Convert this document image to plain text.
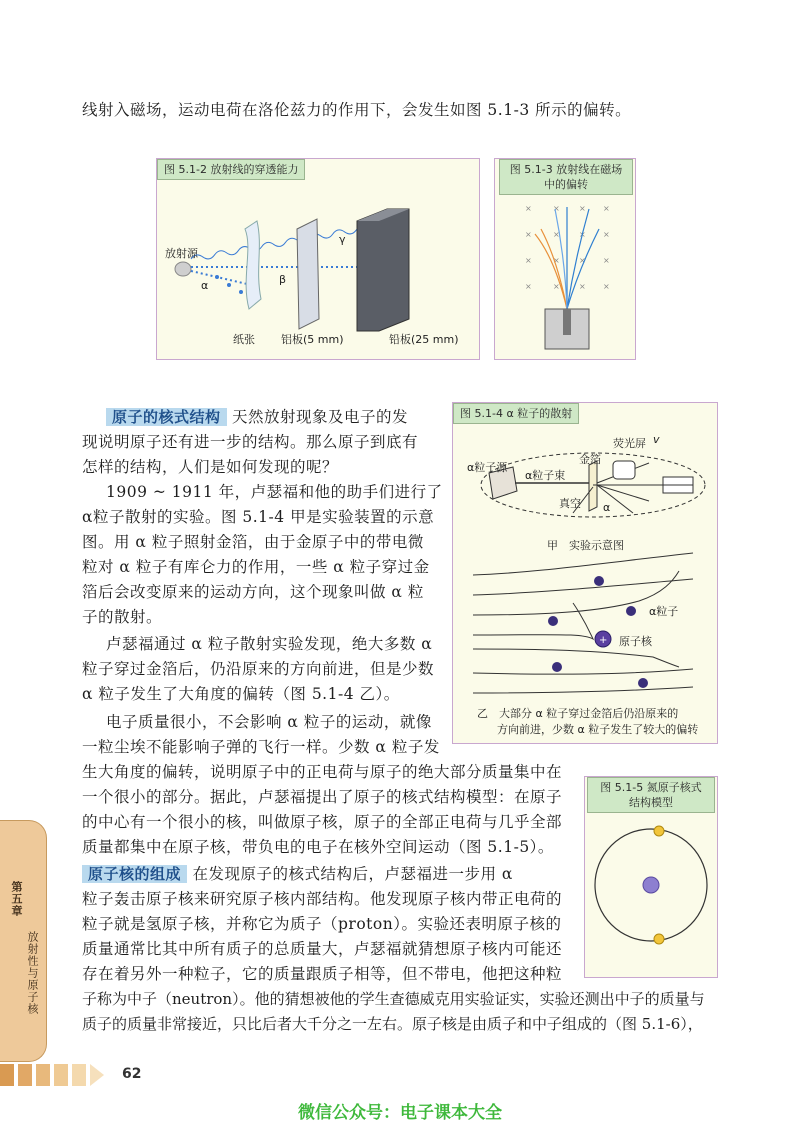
线射入磁场，运动电荷在洛伦兹力的作用下，会发生如图 5.1-3 所示的偏转。
图 5.1-2 放射线的穿透能力
放射源
α	β
γ
纸张 铝板(5 mm)	铅板(25 mm)
图 5.1-3 放射线在磁场
中的偏转
×	× × ×
×	× × ×
×	× × ×
×	× × ×
原子的核式结构 天然放射现象及电子的发
现说明原子还有进一步的结构。那么原子到底有
怎样的结构，人们是如何发现的呢？
1909 ~ 1911 年，卢瑟福和他的助手们进行了
α粒子散射的实验。图 5.1-4 甲是实验装置的示意
图。用 α 粒子照射金箔，由于金原子中的带电微
粒对 α 粒子有库仑力的作用，一些 α 粒子穿过金
箔后会改变原来的运动方向，这个现象叫做 α 粒
子的散射。
卢瑟福通过 α 粒子散射实验发现，绝大多数 α
粒子穿过金箔后，仍沿原来的方向前进，但是少数
α 粒子发生了大角度的偏转（图 5.1-4 乙）。
电子质量很小，不会影响 α 粒子的运动，就像
一粒尘埃不能影响子弹的飞行一样。少数 α 粒子发
生大角度的偏转，说明原子中的正电荷与原子的绝大部分质量集中在
一个很小的部分。据此，卢瑟福提出了原子的核式结构模型：在原子
的中心有一个很小的核，叫做原子核，原子的全部正电荷与几乎全部
质量都集中在原子核，带负电的电子在核外空间运动（图 5.1-5）。
图 5.1-4 α 粒子的散射
+
荧光屏 v
α粒子源
α粒子束
金箔
真空 α
甲　实验示意图
α粒子
原子核
乙　大部分 α 粒子穿过金箔后仍沿原来的
方向前进，少数 α 粒子发生了较大的偏转
图 5.1-5 氮原子核式
结构模型
原子核的组成 在发现原子的核式结构后，卢瑟福进一步用 α
粒子轰击原子核来研究原子核内部结构。他发现原子核内带正电荷的
粒子就是氢原子核，并称它为质子（proton）。实验还表明原子核的
质量通常比其中所有质子的总质量大，卢瑟福就猜想原子核内可能还
存在着另外一种粒子，它的质量跟质子相等，但不带电，他把这种粒
子称为中子（neutron）。他的猜想被他的学生查德威克用实验证实，实验还测出中子的质量与
质子的质量非常接近，只比后者大千分之一左右。原子核是由质子和中子组成的（图 5.1-6），
第五章
放射性与原子核
62
微信公众号：电子课本大全
